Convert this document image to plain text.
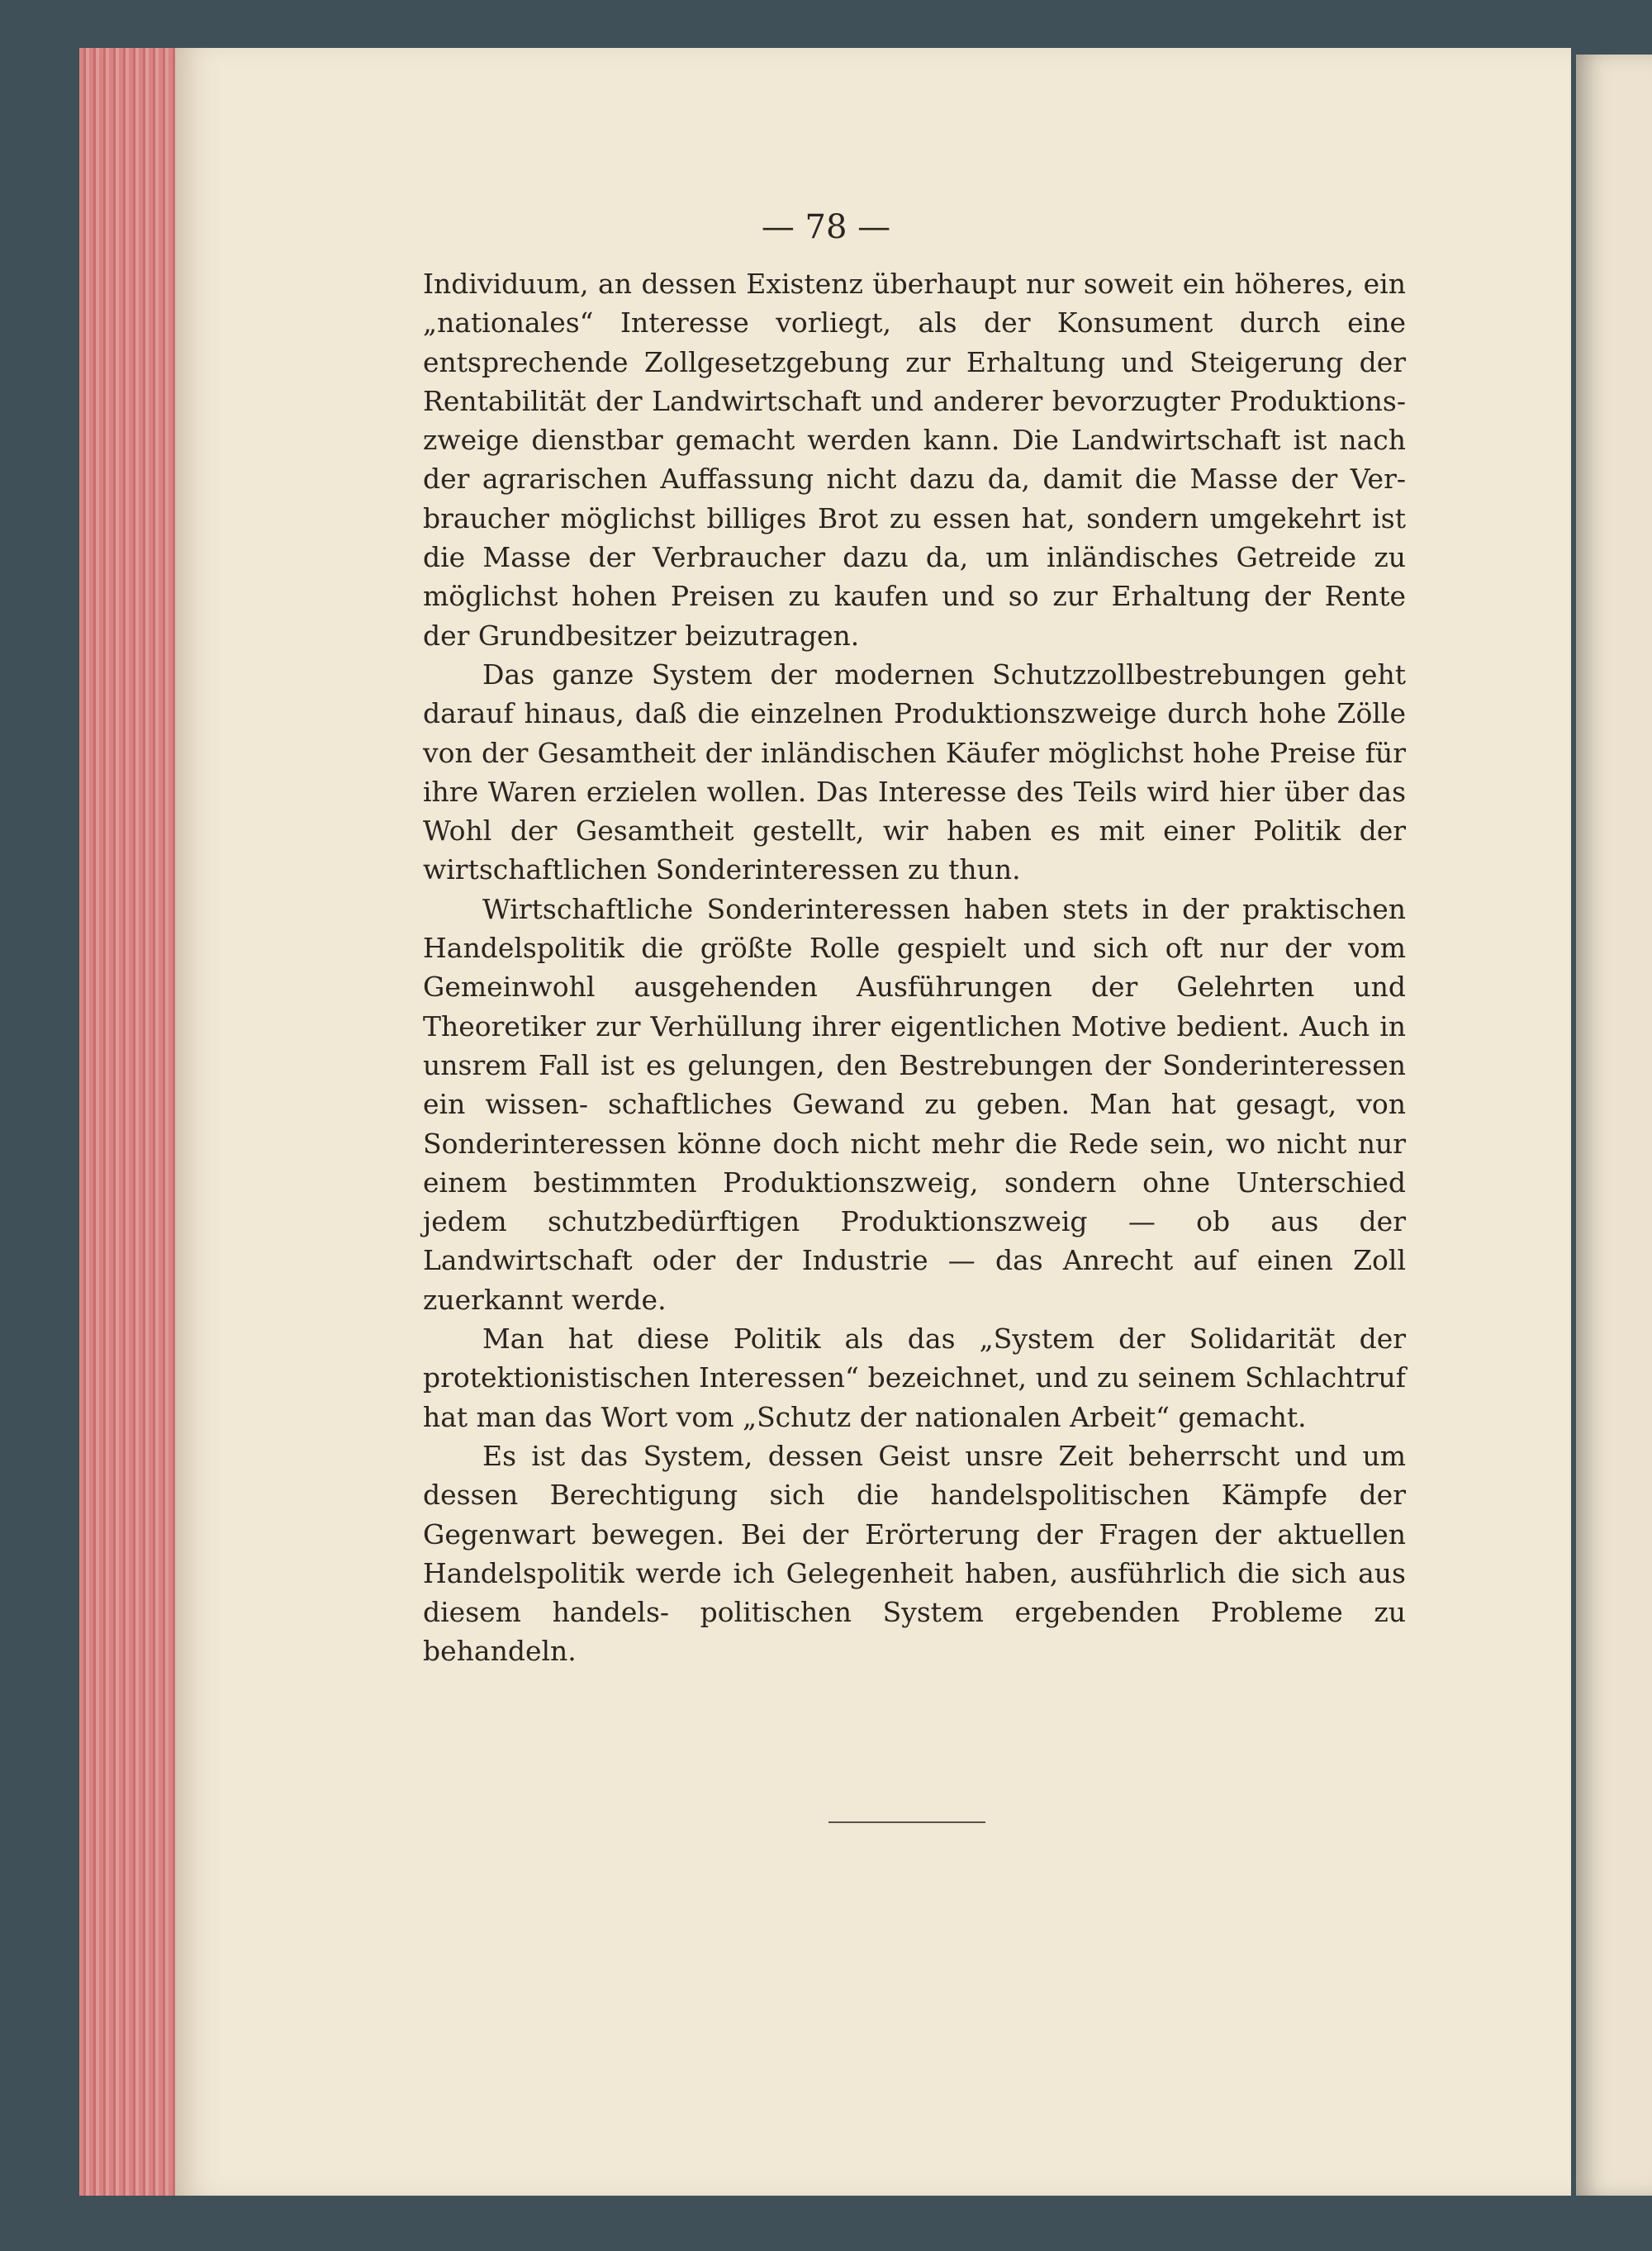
— 78 —

Individuum, an dessen Existenz überhaupt nur soweit ein höheres, ein „nationales“ Interesse vorliegt, als der Konsument durch eine entsprechende Zollgesetzgebung zur Erhaltung und Steigerung der Rentabilität der Landwirtschaft und anderer bevorzugter Produktions- zweige dienstbar gemacht werden kann. Die Landwirtschaft ist nach der agrarischen Auffassung nicht dazu da, damit die Masse der Ver- braucher möglichst billiges Brot zu essen hat, sondern umgekehrt ist die Masse der Verbraucher dazu da, um inländisches Getreide zu möglichst hohen Preisen zu kaufen und so zur Erhaltung der Rente der Grundbesitzer beizutragen.

Das ganze System der modernen Schutzzollbestrebungen geht darauf hinaus, daß die einzelnen Produktionszweige durch hohe Zölle von der Gesamtheit der inländischen Käufer möglichst hohe Preise für ihre Waren erzielen wollen. Das Interesse des Teils wird hier über das Wohl der Gesamtheit gestellt, wir haben es mit einer Politik der wirtschaftlichen Sonderinteressen zu thun.

Wirtschaftliche Sonderinteressen haben stets in der praktischen Handelspolitik die größte Rolle gespielt und sich oft nur der vom Gemeinwohl ausgehenden Ausführungen der Gelehrten und Theoretiker zur Verhüllung ihrer eigentlichen Motive bedient. Auch in unsrem Fall ist es gelungen, den Bestrebungen der Sonderinteressen ein wissen- schaftliches Gewand zu geben. Man hat gesagt, von Sonderinteressen könne doch nicht mehr die Rede sein, wo nicht nur einem bestimmten Produktionszweig, sondern ohne Unterschied jedem schutzbedürftigen Produktionszweig — ob aus der Landwirtschaft oder der Industrie — das Anrecht auf einen Zoll zuerkannt werde.

Man hat diese Politik als das „System der Solidarität der protektionistischen Interessen“ bezeichnet, und zu seinem Schlachtruf hat man das Wort vom „Schutz der nationalen Arbeit“ gemacht.

Es ist das System, dessen Geist unsre Zeit beherrscht und um dessen Berechtigung sich die handelspolitischen Kämpfe der Gegenwart bewegen. Bei der Erörterung der Fragen der aktuellen Handelspolitik werde ich Gelegenheit haben, ausführlich die sich aus diesem handels- politischen System ergebenden Probleme zu behandeln.
